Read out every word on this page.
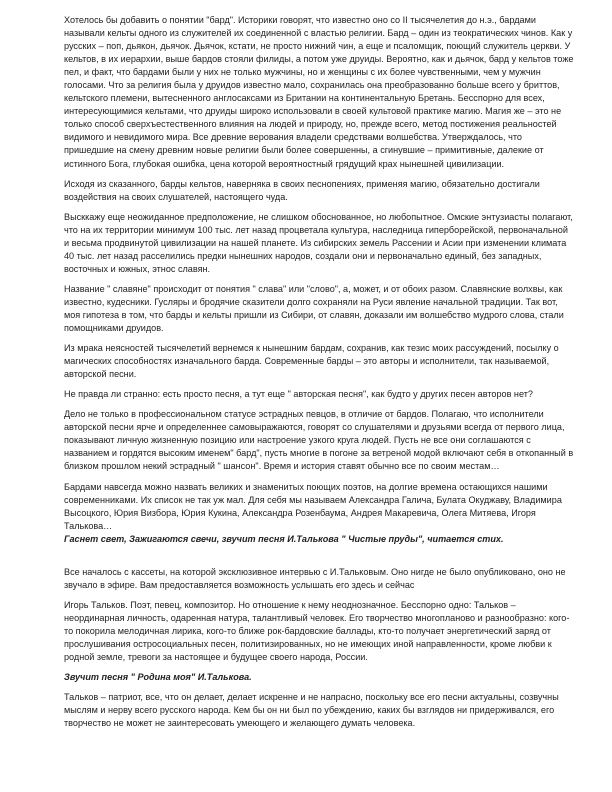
Хотелось бы добавить о понятии "бард". Историки говорят, что известно оно со II тысячелетия до н.э., бардами называли кельты одного из служителей их соединенной с властью религии. Бард – один из теократических чинов. Как у русских – поп, дьякон, дьячок. Дьячок, кстати, не просто нижний чин, а еще и псаломщик, поющий служитель церкви. У кельтов, в их иерархии, выше бардов стояли филиды, а потом уже друиды. Вероятно, как и дьячок, бард у кельтов тоже пел, и факт, что бардами были у них не только мужчины, но и женщины с их более чувственными, чем у мужчин голосами. Что за религия была у друидов известно мало, сохранилась она преобразованно больше всего у бриттов, кельтского племени, вытесненного англосаксами из Британии на континентальную Бретань. Бесспорно для всех, интересующимися кельтами, что друиды широко использовали в своей культовой практике магию. Магия же – это не только способ сверхъестественного влияния на людей и природу, но, прежде всего, метод постижения реальностей видимого и невидимого мира. Все древние верования владели средствами волшебства. Утверждалось, что пришедшие на смену древним новые религии были более совершенны, а сгинувшие – примитивные, далекие от истинного Бога, глубокая ошибка, цена которой вероятностный грядущий крах нынешней цивилизации.

Исходя из сказанного, барды кельтов, наверняка в своих песнопениях, применяя магию, обязательно достигали воздействия на своих слушателей, настоящего чуда.

Высккажу еще неожиданное предположение, не слишком обоснованное, но любопытное. Омские энтузиасты полагают, что на их территории минимум 100 тыс. лет назад процветала культура, наследница гиперборейской, первоначальной и весьма продвинутой цивилизации на нашей планете. Из сибирских земель Рассении и Асии при изменении климата 40 тыс. лет назад расселились предки нынешних народов, создали они и первоначально единый, без западных, восточных и южных, этнос славян.

Название " славяне" происходит от понятия " слава" или "слово", а, может, и от обоих разом. Славянские волхвы, как известно, кудесники. Гусляры и бродячие сказители долго сохраняли на Руси явление начальной традиции. Так вот, моя гипотеза в том, что барды и кельты пришли из Сибири, от славян, доказали им волшебство мудрого слова, стали помощниками друидов.

Из мрака неясностей тысячелетий вернемся к нынешним бардам, сохранив, как тезис моих рассуждений, посылку о магических способностях изначального барда. Современные барды – это авторы и исполнители, так называемой, авторской песни.

Не правда ли странно: есть просто песня, а тут еще " авторская песня", как будто у других песен авторов нет?

Дело не только в профессиональном статусе эстрадных певцов, в отличие от бардов. Полагаю, что исполнители авторской песни ярче и определеннее самовыражаются, говорят со слушателями и друзьями всегда от первого лица, показывают личную жизненную позицию или настроение узкого круга людей. Пусть не все они соглашаются с названием и гордятся высоким именем" бард", пусть многие в погоне за ветреной модой включают себя в откопанный в близком прошлом некий эстрадный " шансон". Время и история ставят обычно все по своим местам…

Бардами навсегда можно назвать великих и знаменитых поющих поэтов, на долгие времена остающихся нашими современниками. Их список не так уж мал. Для себя мы называем Александра Галича, Булата Окуджаву, Владимира Высоцкого, Юрия Визбора, Юрия Кукина, Александра Розенбаума, Андрея Макаревича, Олега Митяева, Игоря Талькова…

Гаснет свет, Зажигаются свечи, звучит песня И.Талькова " Чистые пруды", читается стих.

Все началось с кассеты, на которой эксклюзивное интервью с И.Тальковым. Оно нигде не было опубликовано, оно не звучало в эфире. Вам предоставляется возможность услышать его здесь и сейчас

Игорь Тальков. Поэт, певец, композитор. Но отношение к нему неоднозначное. Бесспорно одно: Тальков – неординарная личность, одаренная натура, талантливый человек. Его творчество многопланово и разнообразно: кого-то покорила мелодичная лирика, кого-то ближе рок-бардовские баллады, кто-то получает энергетический заряд от прослушивания остросоциальных песен, политизированных, но не имеющих иной направленности, кроме любви к родной земле, тревоги за настоящее и будущее своего народа, России.

Звучит песня " Родина моя" И.Талькова.

Тальков – патриот, все, что он делает, делает искренне и не напрасно, поскольку все его песни актуальны, созвучны мыслям и нерву всего русского народа. Кем бы он ни был по убеждению, каких бы взглядов ни придерживался, его творчество не может не заинтересовать умеющего и желающего думать человека.
